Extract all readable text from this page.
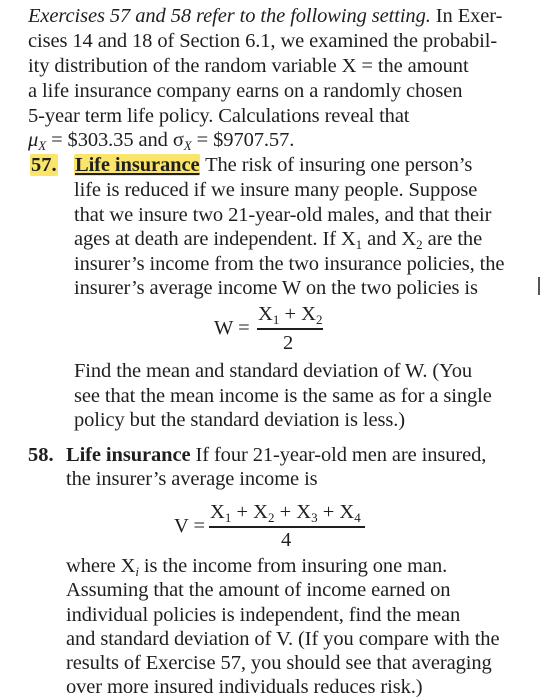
Exercises 57 and 58 refer to the following setting. In Exer-
cises 14 and 18 of Section 6.1, we examined the probabil-
ity distribution of the random variable X = the amount
a life insurance company earns on a randomly chosen
5-year term life policy. Calculations reveal that
$\mu_X$ = $303.35 and $\sigma_X$ = $9707.57.
57. Life insurance The risk of insuring one person’s
life is reduced if we insure many people. Suppose
that we insure two 21-year-old males, and that their
ages at death are independent. If $X_1$ and $X_2$ are the
insurer’s income from the two insurance policies, the
insurer’s average income W on the two policies is
W =
$X_1 + X_2$
2
Find the mean and standard deviation of W. (You
see that the mean income is the same as for a single
policy but the standard deviation is less.)
58. Life insurance If four 21-year-old men are insured,
the insurer’s average income is
V =
$X_1 + X_2 + X_3 + X_4$
4
where $X_i$ is the income from insuring one man.
Assuming that the amount of income earned on
individual policies is independent, find the mean
and standard deviation of V. (If you compare with the
results of Exercise 57, you should see that averaging
over more insured individuals reduces risk.)
